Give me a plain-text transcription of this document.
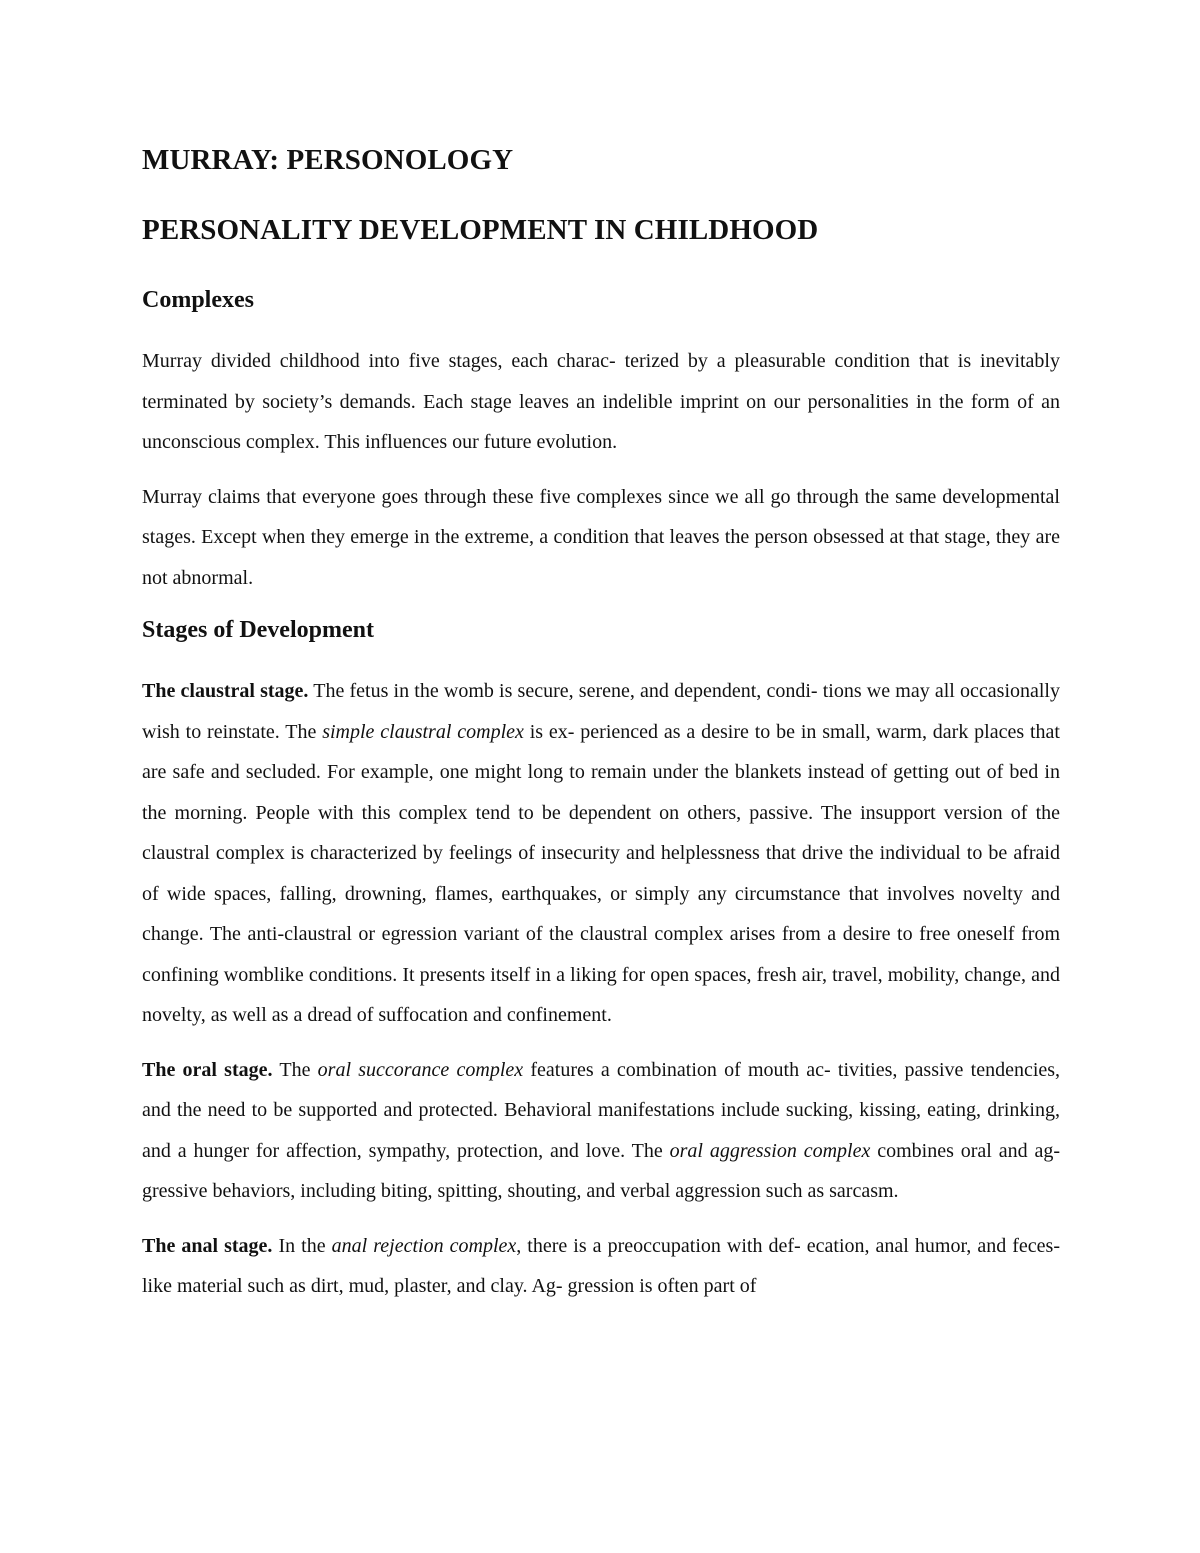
MURRAY: PERSONOLOGY
PERSONALITY DEVELOPMENT IN CHILDHOOD
Complexes

Murray divided childhood into five stages, each charac- terized by a pleasurable condition that is inevitably terminated by society’s demands. Each stage leaves an indelible imprint on our personalities in the form of an unconscious complex. This influences our future evolution.

Murray claims that everyone goes through these five complexes since we all go through the same developmental stages. Except when they emerge in the extreme, a condition that leaves the person obsessed at that stage, they are not abnormal.

Stages of Development

The claustral stage. The fetus in the womb is secure, serene, and dependent, condi- tions we may all occasionally wish to reinstate. The simple claustral complex is ex- perienced as a desire to be in small, warm, dark places that are safe and secluded. For example, one might long to remain under the blankets instead of getting out of bed in the morning. People with this complex tend to be dependent on others, passive. The insupport version of the claustral complex is characterized by feelings of insecurity and helplessness that drive the individual to be afraid of wide spaces, falling, drowning, flames, earthquakes, or simply any circumstance that involves novelty and change. The anti-claustral or egression variant of the claustral complex arises from a desire to free oneself from confining womblike conditions. It presents itself in a liking for open spaces, fresh air, travel, mobility, change, and novelty, as well as a dread of suffocation and confinement.

The oral stage. The oral succorance complex features a combination of mouth ac- tivities, passive tendencies, and the need to be supported and protected. Behavioral manifestations include sucking, kissing, eating, drinking, and a hunger for affection, sympathy, protection, and love. The oral aggression complex combines oral and ag- gressive behaviors, including biting, spitting, shouting, and verbal aggression such as sarcasm.

The anal stage. In the anal rejection complex, there is a preoccupation with def- ecation, anal humor, and feces-like material such as dirt, mud, plaster, and clay. Ag- gression is often part of
